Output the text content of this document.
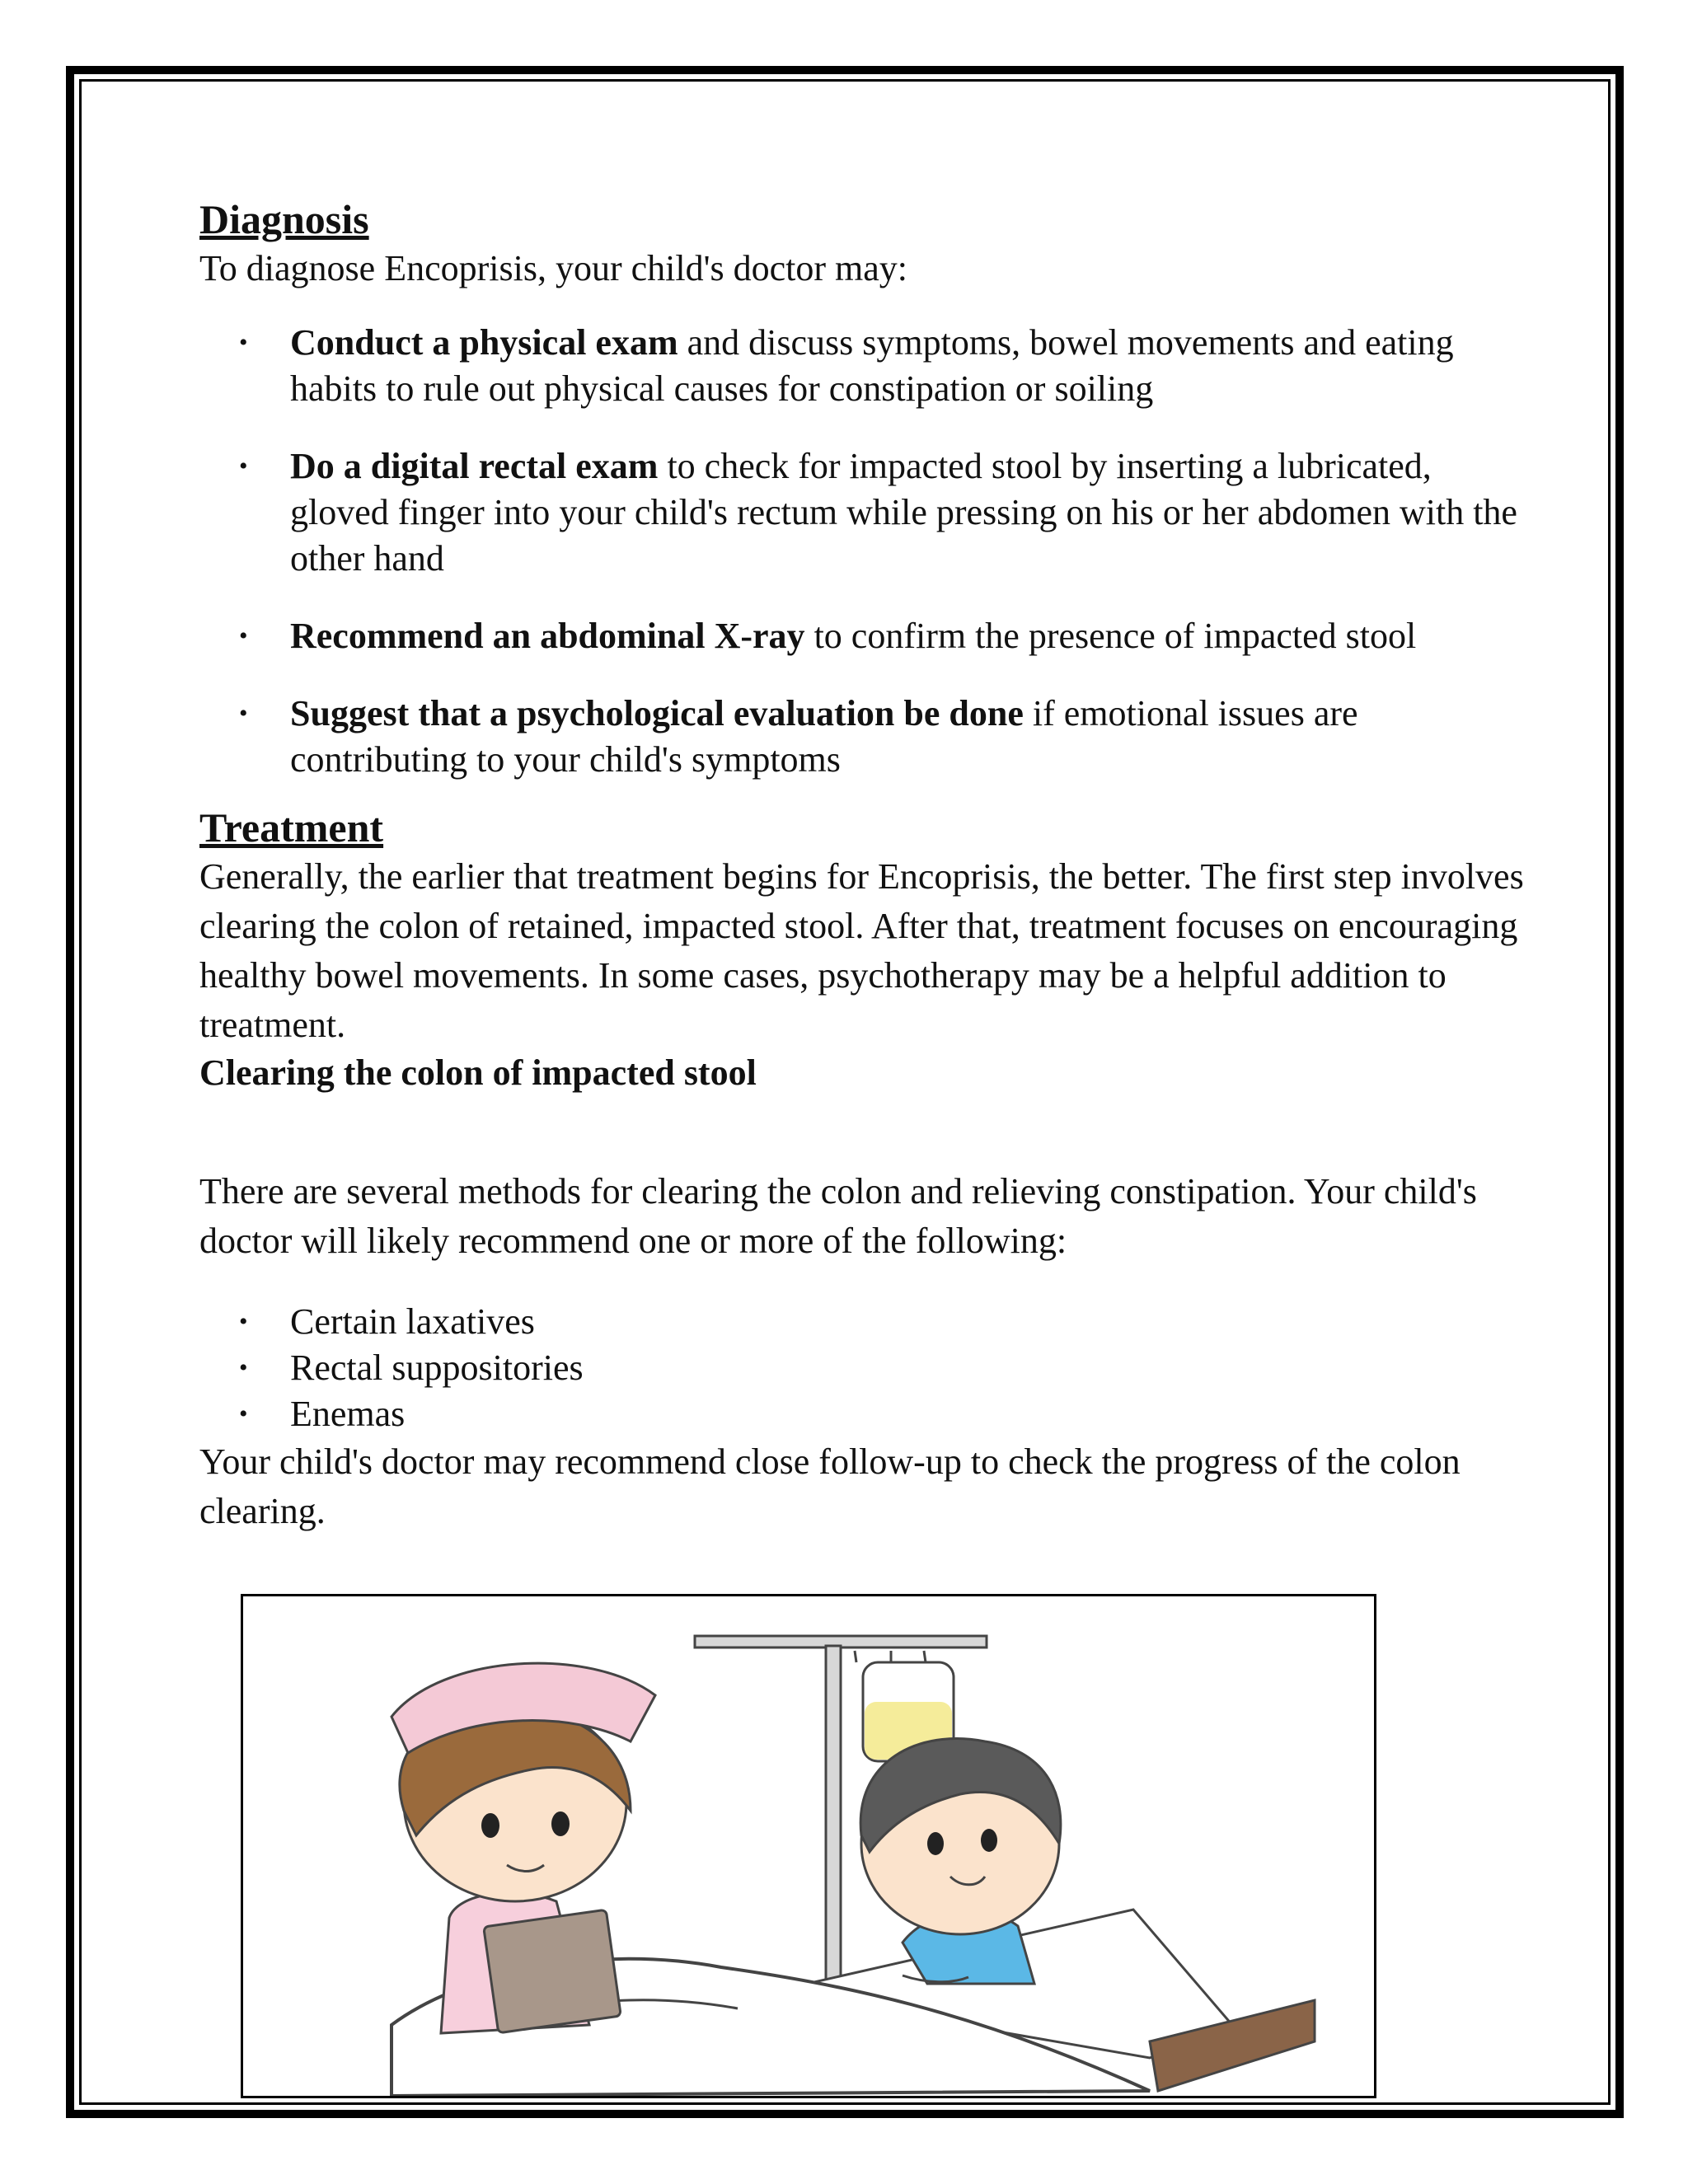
Diagnosis

To diagnose Encoprisis, your child's doctor may:

• Conduct a physical exam and discuss symptoms, bowel movements and eating habits to rule out physical causes for constipation or soiling
• Do a digital rectal exam to check for impacted stool by inserting a lubricated, gloved finger into your child's rectum while pressing on his or her abdomen with the other hand
• Recommend an abdominal X-ray to confirm the presence of impacted stool
• Suggest that a psychological evaluation be done if emotional issues are contributing to your child's symptoms
Treatment

Generally, the earlier that treatment begins for Encoprisis, the better. The first step involves clearing the colon of retained, impacted stool. After that, treatment focuses on encouraging healthy bowel movements. In some cases, psychotherapy may be a helpful addition to treatment.

Clearing the colon of impacted stool

There are several methods for clearing the colon and relieving constipation. Your child's doctor will likely recommend one or more of the following:

• Certain laxatives
• Rectal suppositories
• Enemas

Your child's doctor may recommend close follow-up to check the progress of the colon clearing.
